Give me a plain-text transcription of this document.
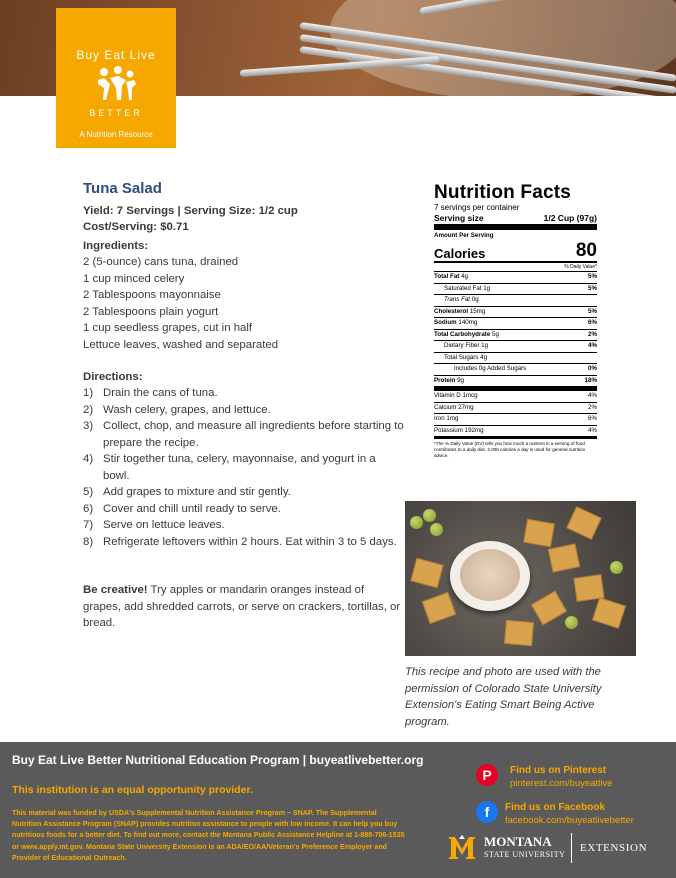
Buy Eat Live
BETTER
A Nutrition Resource
Tuna Salad
Yield: 7 Servings | Serving Size: 1/2 cup
Cost/Serving: $0.71
Ingredients:
2 (5-ounce) cans tuna, drained
1 cup minced celery
2 Tablespoons mayonnaise
2 Tablespoons plain yogurt
1 cup seedless grapes, cut in half
Lettuce leaves, washed and separated
Directions:
1) Drain the cans of tuna.
2) Wash celery, grapes, and lettuce.
3) Collect, chop, and measure all ingredients before starting to prepare the recipe.
4) Stir together tuna, celery, mayonnaise, and yogurt in a bowl.
5) Add grapes to mixture and stir gently.
6) Cover and chill until ready to serve.
7) Serve on lettuce leaves.
8) Refrigerate leftovers within 2 hours. Eat within 3 to 5 days.
Be creative! Try apples or mandarin oranges instead of grapes, add shredded carrots, or serve on crackers, tortillas, or bread.
Nutrition Facts
7 servings per container
Serving size	1/2 Cup (97g)
Amount Per Serving
Calories	80
% Daily Value*
Total Fat 4g	5%
Saturated Fat 1g	5%
Trans Fat 0g
Cholesterol 15mg	5%
Sodium 140mg	6%
Total Carbohydrate 5g	2%
Dietary Fiber 1g	4%
Total Sugars 4g
Includes 0g Added Sugars	0%
Protein 9g	18%
Vitamin D 1mcg	4%
Calcium 27mg	2%
Iron 1mg	6%
Potassium 192mg	4%
*The % Daily Value (DV) tells you how much a nutrient in a serving of food contributes to a daily diet. 2,000 calories a day is used for general nutrition advice.
This recipe and photo are used with the permission of Colorado State University Extension's Eating Smart Being Active program.
Buy Eat Live Better Nutritional Education Program | buyeatlivebetter.org
This institution is an equal opportunity provider.
This material was funded by USDA's Supplemental Nutrition Assistance Program – SNAP. The Supplemental Nutrition Assistance Program (SNAP) provides nutrition assistance to people with low income. It can help you buy nutritious foods for a better diet. To find out more, contact the Montana Public Assistance Helpline at 1-888-706-1535 or www.apply.mt.gov. Montana State University Extension is an ADA/EO/AA/Veteran's Preference Employer and Provider of Educational Outreach.
P	Find us on Pinterest
pinterest.com/buyeatlive
f	Find us on Facebook
facebook.com/buyeatlivebetter
MONTANA
STATE UNIVERSITY
EXTENSION
